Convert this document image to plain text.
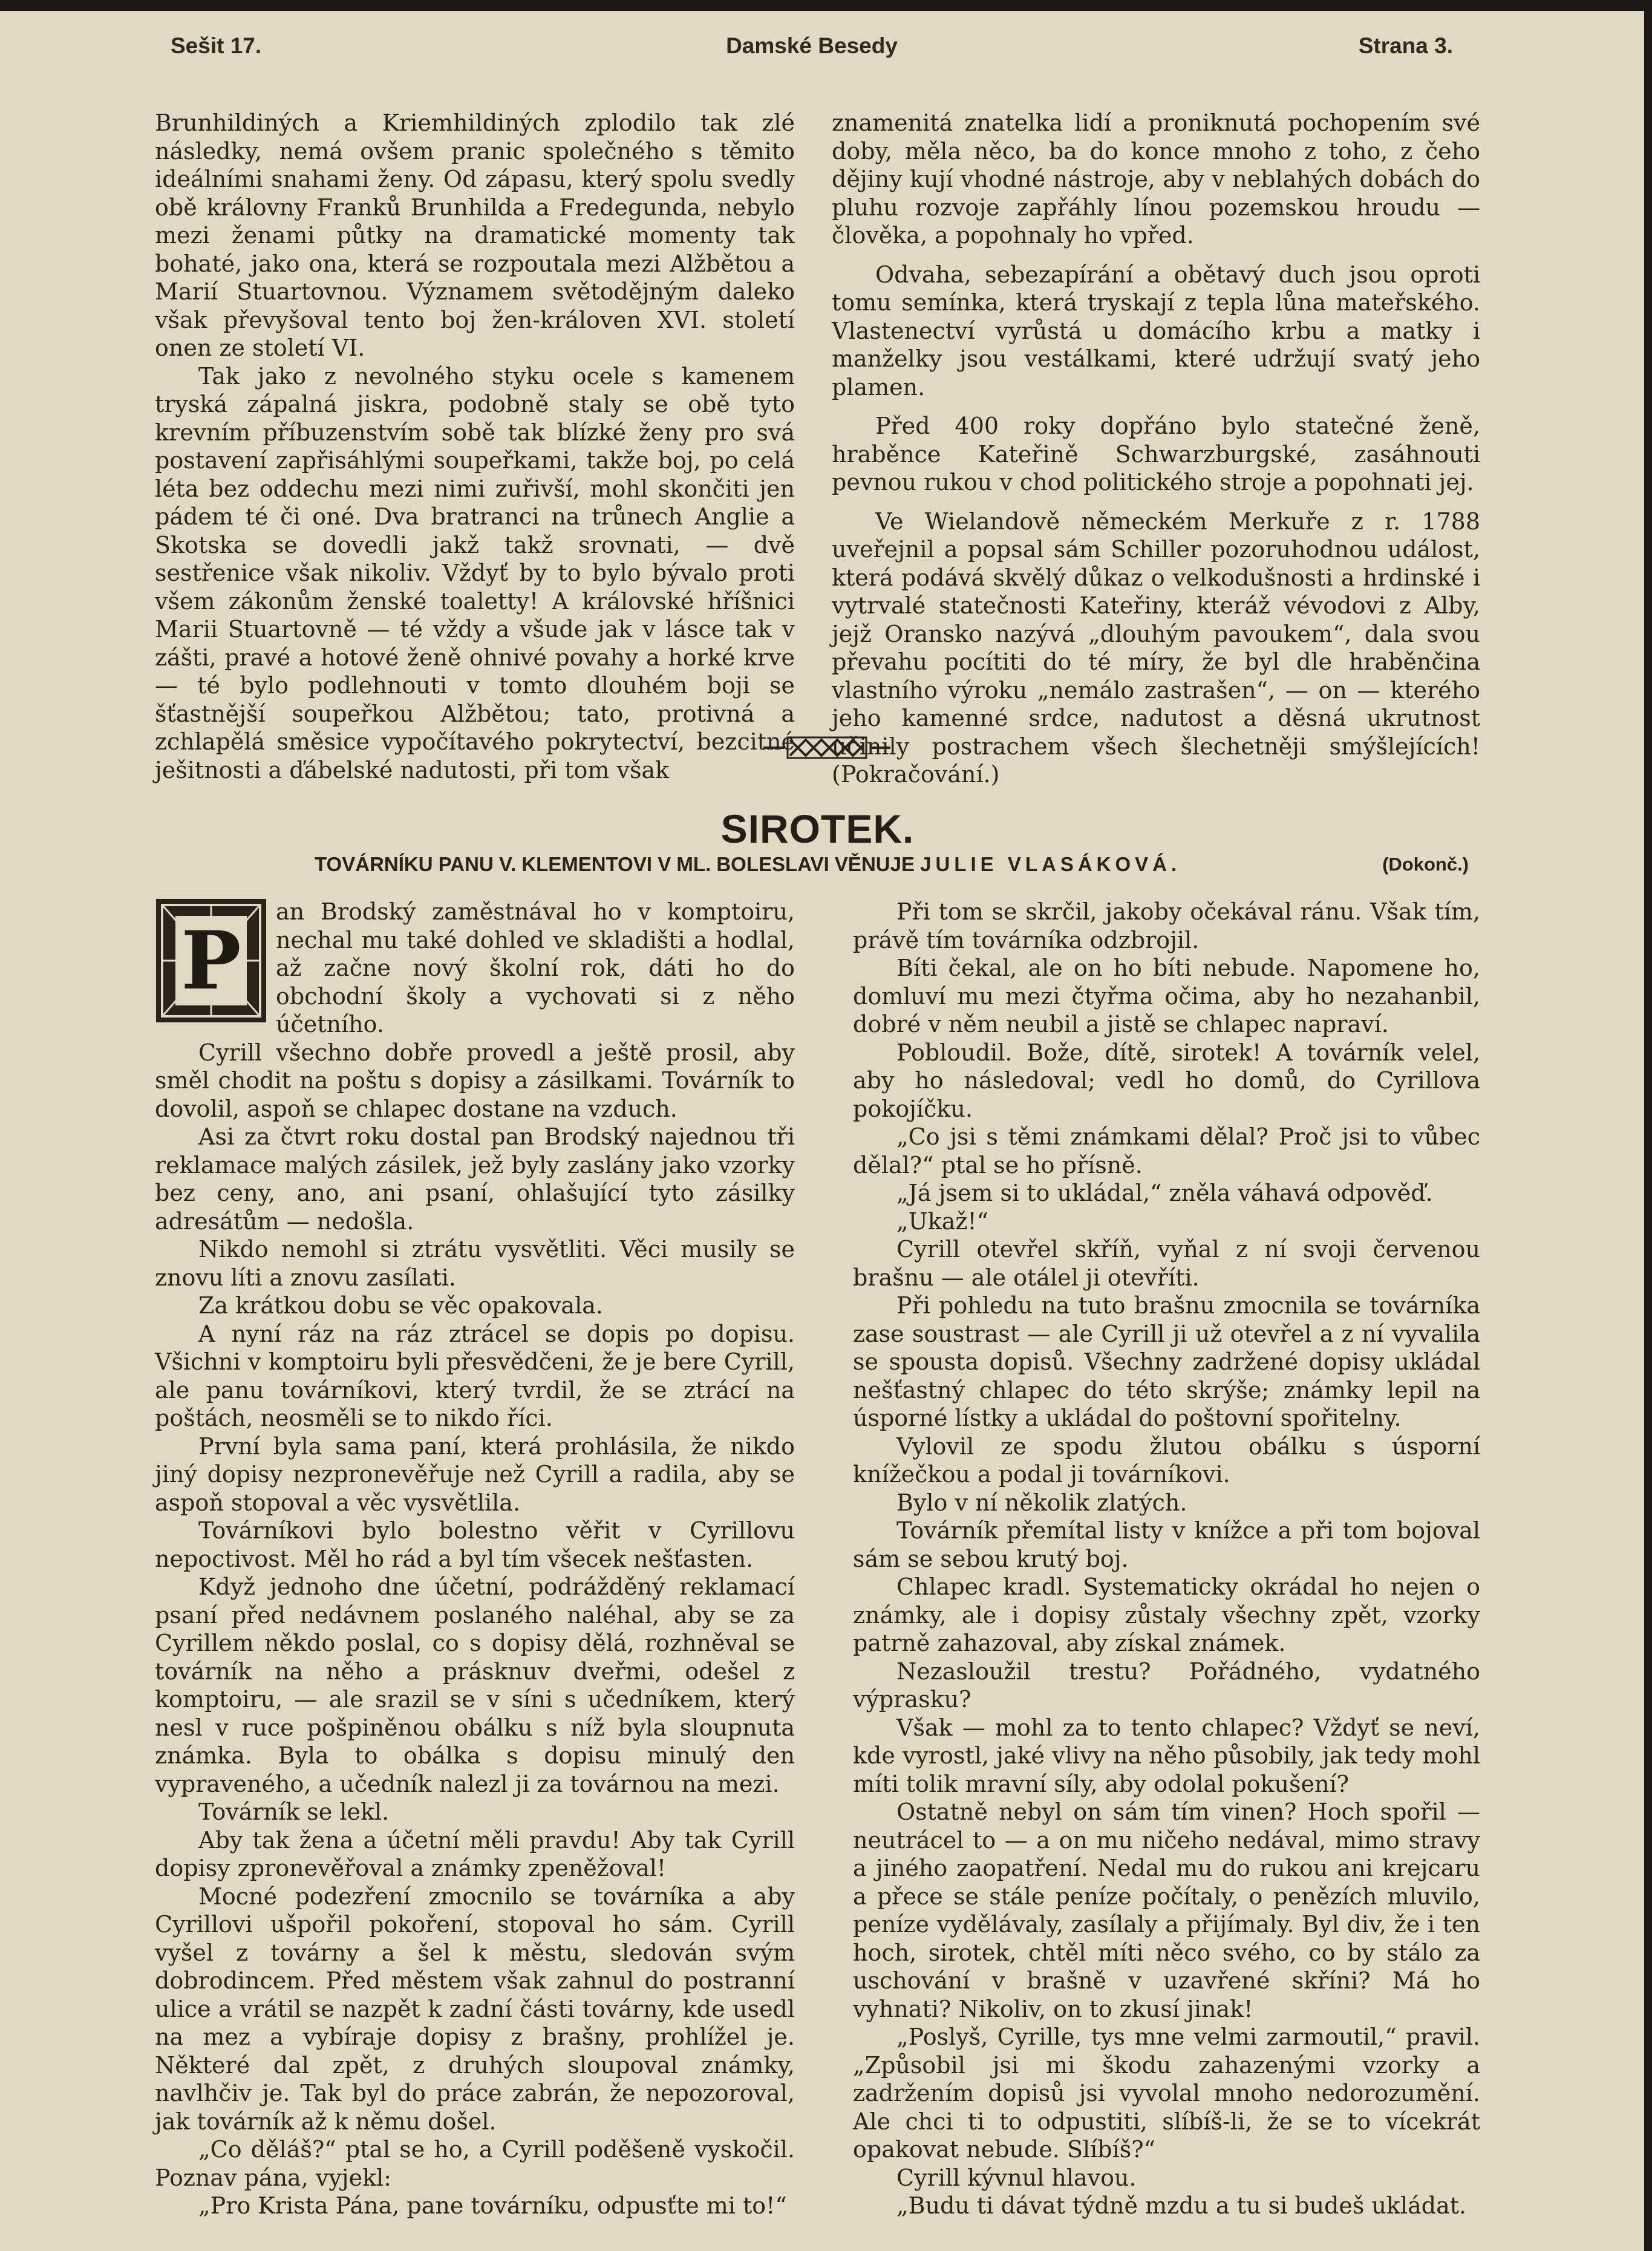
Sešit 17.	Damské Besedy	Strana 3.

Brunhildiných a Kriemhildiných zplodilo tak zlé následky, nemá ovšem pranic společného s těmito ideálními snahami ženy. Od zápasu, který spolu svedly obě královny Franků Brunhilda a Fredegunda, nebylo mezi ženami půtky na dramatické momenty tak bohaté, jako ona, která se rozpoutala mezi Alžbětou a Marií Stuartovnou. Významem světodějným daleko však převyšoval tento boj žen-královen XVI. století onen ze století VI.

Tak jako z nevolného styku ocele s kamenem tryská zápalná jiskra, podobně staly se obě tyto krevním příbuzenstvím sobě tak blízké ženy pro svá postavení zapřisáhlými soupeřkami, takže boj, po celá léta bez oddechu mezi nimi zuřivší, mohl skončiti jen pádem té či oné. Dva bratranci na trůnech Anglie a Skotska se dovedli jakž takž srovnati, — dvě sestřenice však nikoliv. Vždyť by to bylo bývalo proti všem zákonům ženské toaletty! A královské hříšnici Marii Stuartovně — té vždy a všude jak v lásce tak v zášti, pravé a hotové ženě ohnivé povahy a horké krve — té bylo podlehnouti v tomto dlouhém boji se šťastnější soupeřkou Alžbětou; tato, protivná a zchlapělá směsice vypočítavého pokrytectví, bezcitné ješitnosti a ďábelské nadutosti, při tom však

znamenitá znatelka lidí a proniknutá pochopením své doby, měla něco, ba do konce mnoho z toho, z čeho dějiny kují vhodné nástroje, aby v neblahých dobách do pluhu rozvoje zapřáhly línou pozemskou hroudu — člověka, a popohnaly ho vpřed.

Odvaha, sebezapírání a obětavý duch jsou oproti tomu semínka, která tryskají z tepla lůna mateřského. Vlastenectví vyrůstá u domácího krbu a matky i manželky jsou vestálkami, které udržují svatý jeho plamen.

Před 400 roky dopřáno bylo statečné ženě, hraběnce Kateřině Schwarzburgské, zasáhnouti pevnou rukou v chod politického stroje a popohnati jej.

Ve Wielandově německém Merkuře z r. 1788 uveřejnil a popsal sám Schiller pozoruhodnou událost, která podává skvělý důkaz o velkodušnosti a hrdinské i vytrvalé statečnosti Kateřiny, kteráž vévodovi z Alby, jejž Oransko nazývá „dlouhým pavoukem“, dala svou převahu pocítiti do té míry, že byl dle hraběnčina vlastního výroku „nemálo zastrašen“, — on — kterého jeho kamenné srdce, nadutost a děsná ukrutnost učinily postrachem všech šlechetněji smýšlejících! (Pokračování.)

SIROTEK.
TOVÁRNÍKU PANU V. KLEMENTOVI V ML. BOLESLAVI VĚNUJE JULIE VLASÁKOVÁ.	(Dokonč.)
P

an Brodský zaměstnával ho v komptoiru, nechal mu také dohled ve skladišti a hodlal, až začne nový školní rok, dáti ho do obchodní školy a vychovati si z něho účetního.

Cyrill všechno dobře provedl a ještě prosil, aby směl chodit na poštu s dopisy a zásilkami. Továrník to dovolil, aspoň se chlapec dostane na vzduch.

Asi za čtvrt roku dostal pan Brodský najednou tři reklamace malých zásilek, jež byly zaslány jako vzorky bez ceny, ano, ani psaní, ohlašující tyto zásilky adresátům — nedošla.

Nikdo nemohl si ztrátu vysvětliti. Věci musily se znovu líti a znovu zasílati.

Za krátkou dobu se věc opakovala.

A nyní ráz na ráz ztrácel se dopis po dopisu. Všichni v komptoiru byli přesvědčeni, že je bere Cyrill, ale panu továrníkovi, který tvrdil, že se ztrácí na poštách, neosměli se to nikdo říci.

První byla sama paní, která prohlásila, že nikdo jiný dopisy nezpronevěřuje než Cyrill a radila, aby se aspoň stopoval a věc vysvětlila.

Továrníkovi bylo bolestno věřit v Cyrillovu nepoctivost. Měl ho rád a byl tím všecek nešťasten.

Když jednoho dne účetní, podrážděný reklamací psaní před nedávnem poslaného naléhal, aby se za Cyrillem někdo poslal, co s dopisy dělá, rozhněval se továrník na něho a prásknuv dveřmi, odešel z komptoiru, — ale srazil se v síni s učedníkem, který nesl v ruce pošpiněnou obálku s níž byla sloupnuta známka. Byla to obálka s dopisu minulý den vypraveného, a učedník nalezl ji za továrnou na mezi.

Továrník se lekl.

Aby tak žena a účetní měli pravdu! Aby tak Cyrill dopisy zpronevěřoval a známky zpeněžoval!

Mocné podezření zmocnilo se továrníka a aby Cyrillovi ušpořil pokoření, stopoval ho sám. Cyrill vyšel z továrny a šel k městu, sledován svým dobrodincem. Před městem však zahnul do postranní ulice a vrátil se nazpět k zadní části továrny, kde usedl na mez a vybíraje dopisy z brašny, prohlížel je. Některé dal zpět, z druhých sloupoval známky, navlhčiv je. Tak byl do práce zabrán, že nepozoroval, jak továrník až k němu došel.

„Co děláš?“ ptal se ho, a Cyrill poděšeně vyskočil. Poznav pána, vyjekl:

„Pro Krista Pána, pane továrníku, odpusťte mi to!“

Při tom se skrčil, jakoby očekával ránu. Však tím, právě tím továrníka odzbrojil.

Bíti čekal, ale on ho bíti nebude. Napomene ho, domluví mu mezi čtyřma očima, aby ho nezahanbil, dobré v něm neubil a jistě se chlapec napraví.

Pobloudil. Bože, dítě, sirotek! A továrník velel, aby ho následoval; vedl ho domů, do Cyrillova pokojíčku.

„Co jsi s těmi známkami dělal? Proč jsi to vůbec dělal?“ ptal se ho přísně.

„Já jsem si to ukládal,“ zněla váhavá odpověď.

„Ukaž!“

Cyrill otevřel skříň, vyňal z ní svoji červenou brašnu — ale otálel ji otevříti.

Při pohledu na tuto brašnu zmocnila se továrníka zase soustrast — ale Cyrill ji už otevřel a z ní vyvalila se spousta dopisů. Všechny zadržené dopisy ukládal nešťastný chlapec do této skrýše; známky lepil na úsporné lístky a ukládal do poštovní spořitelny.

Vylovil ze spodu žlutou obálku s úsporní knížečkou a podal ji továrníkovi.

Bylo v ní několik zlatých.

Továrník přemítal listy v knížce a při tom bojoval sám se sebou krutý boj.

Chlapec kradl. Systematicky okrádal ho nejen o známky, ale i dopisy zůstaly všechny zpět, vzorky patrně zahazoval, aby získal známek.

Nezasloužil trestu? Pořádného, vydatného výprasku?

Však — mohl za to tento chlapec? Vždyť se neví, kde vyrostl, jaké vlivy na něho působily, jak tedy mohl míti tolik mravní síly, aby odolal pokušení?

Ostatně nebyl on sám tím vinen? Hoch spořil — neutrácel to — a on mu ničeho nedával, mimo stravy a jiného zaopatření. Nedal mu do rukou ani krejcaru a přece se stále peníze počítaly, o penězích mluvilo, peníze vydělávaly, zasílaly a přijímaly. Byl div, že i ten hoch, sirotek, chtěl míti něco svého, co by stálo za uschování v brašně v uzavřené skříni? Má ho vyhnati? Nikoliv, on to zkusí jinak!

„Poslyš, Cyrille, tys mne velmi zarmoutil,“ pravil. „Způsobil jsi mi škodu zahazenými vzorky a zadržením dopisů jsi vyvolal mnoho nedorozumění. Ale chci ti to odpustiti, slíbíš-li, že se to vícekrát opakovat nebude. Slíbíš?“

Cyrill kývnul hlavou.

„Budu ti dávat týdně mzdu a tu si budeš ukládat.
